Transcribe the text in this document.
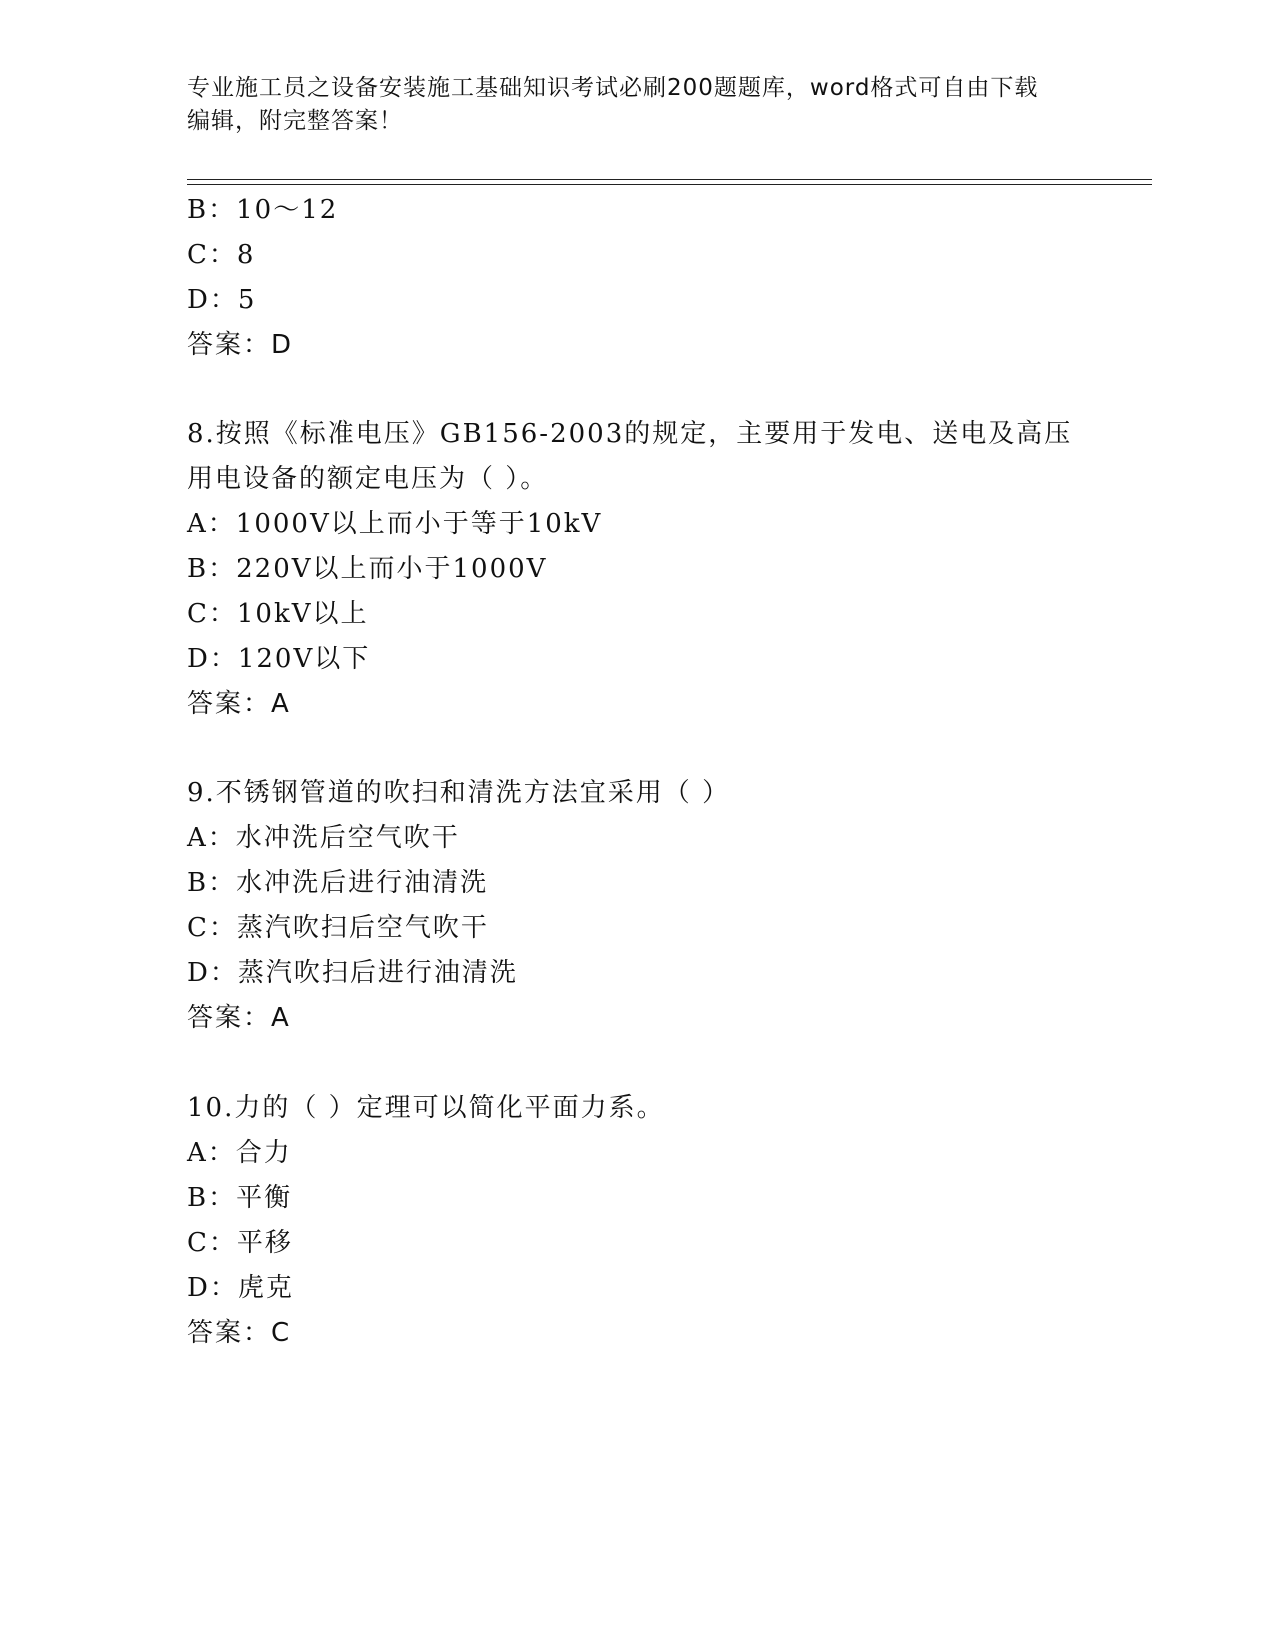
专业施工员之设备安装施工基础知识考试必刷200题题库，word格式可自由下载
编辑，附完整答案！
B：10～12
C：8
D：5
答案：D
8.按照《标准电压》GB156-2003的规定，主要用于发电、送电及高压
用电设备的额定电压为（ ）。
A：1000V以上而小于等于10kV
B：220V以上而小于1000V
C：10kV以上
D：120V以下
答案：A
9.不锈钢管道的吹扫和清洗方法宜采用（ ）
A：水冲洗后空气吹干
B：水冲洗后进行油清洗
C：蒸汽吹扫后空气吹干
D：蒸汽吹扫后进行油清洗
答案：A
10.力的（ ）定理可以简化平面力系。
A：合力
B：平衡
C：平移
D：虎克
答案：C
